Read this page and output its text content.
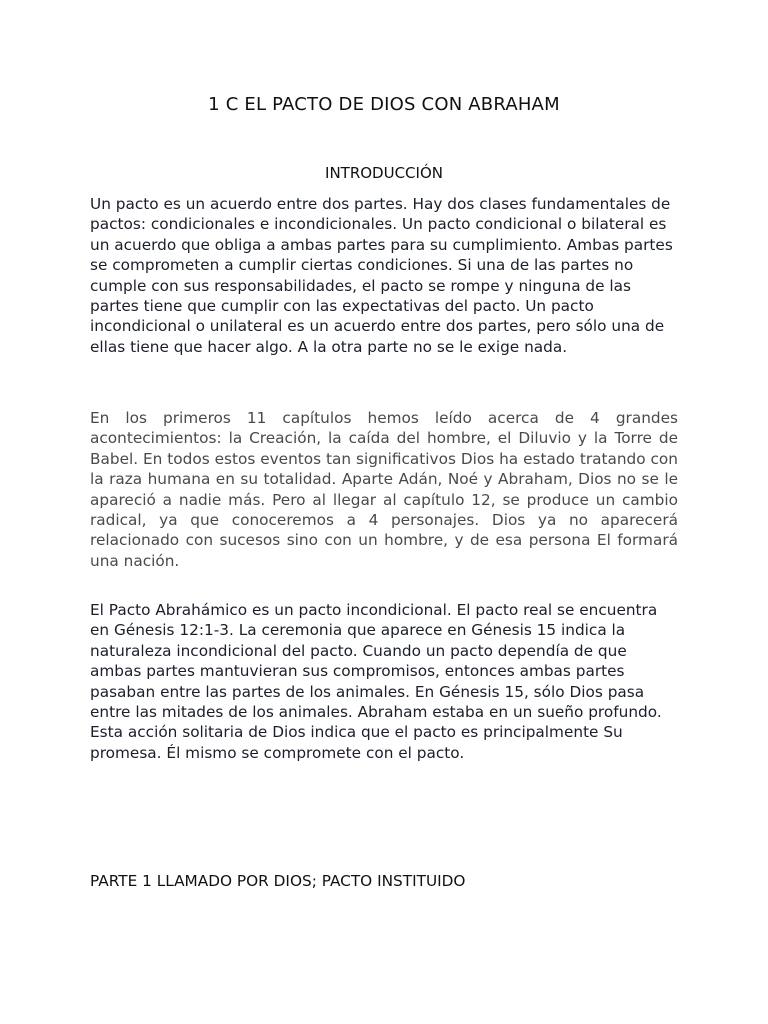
1 C EL PACTO DE DIOS CON ABRAHAM
INTRODUCCIÓN

Un pacto es un acuerdo entre dos partes. Hay dos clases fundamentales de pactos: condicionales e incondicionales. Un pacto condicional o bilateral es un acuerdo que obliga a ambas partes para su cumplimiento. Ambas partes se comprometen a cumplir ciertas condiciones. Si una de las partes no cumple con sus responsabilidades, el pacto se rompe y ninguna de las partes tiene que cumplir con las expectativas del pacto. Un pacto incondicional o unilateral es un acuerdo entre dos partes, pero sólo una de ellas tiene que hacer algo. A la otra parte no se le exige nada.

En los primeros 11 capítulos hemos leído acerca de 4 grandes acontecimientos: la Creación, la caída del hombre, el Diluvio y la Torre de Babel. En todos estos eventos tan significativos Dios ha estado tratando con la raza humana en su totalidad. Aparte Adán, Noé y Abraham, Dios no se le apareció a nadie más. Pero al llegar al capítulo 12, se produce un cambio radical, ya que conoceremos a 4 personajes. Dios ya no aparecerá relacionado con sucesos sino con un hombre, y de esa persona El formará una nación.

El Pacto Abrahámico es un pacto incondicional. El pacto real se encuentra en Génesis 12:1-3. La ceremonia que aparece en Génesis 15 indica la naturaleza incondicional del pacto. Cuando un pacto dependía de que ambas partes mantuvieran sus compromisos, entonces ambas partes pasaban entre las partes de los animales. En Génesis 15, sólo Dios pasa entre las mitades de los animales. Abraham estaba en un sueño profundo. Esta acción solitaria de Dios indica que el pacto es principalmente Su promesa. Él mismo se compromete con el pacto.

PARTE 1 LLAMADO POR DIOS; PACTO INSTITUIDO
